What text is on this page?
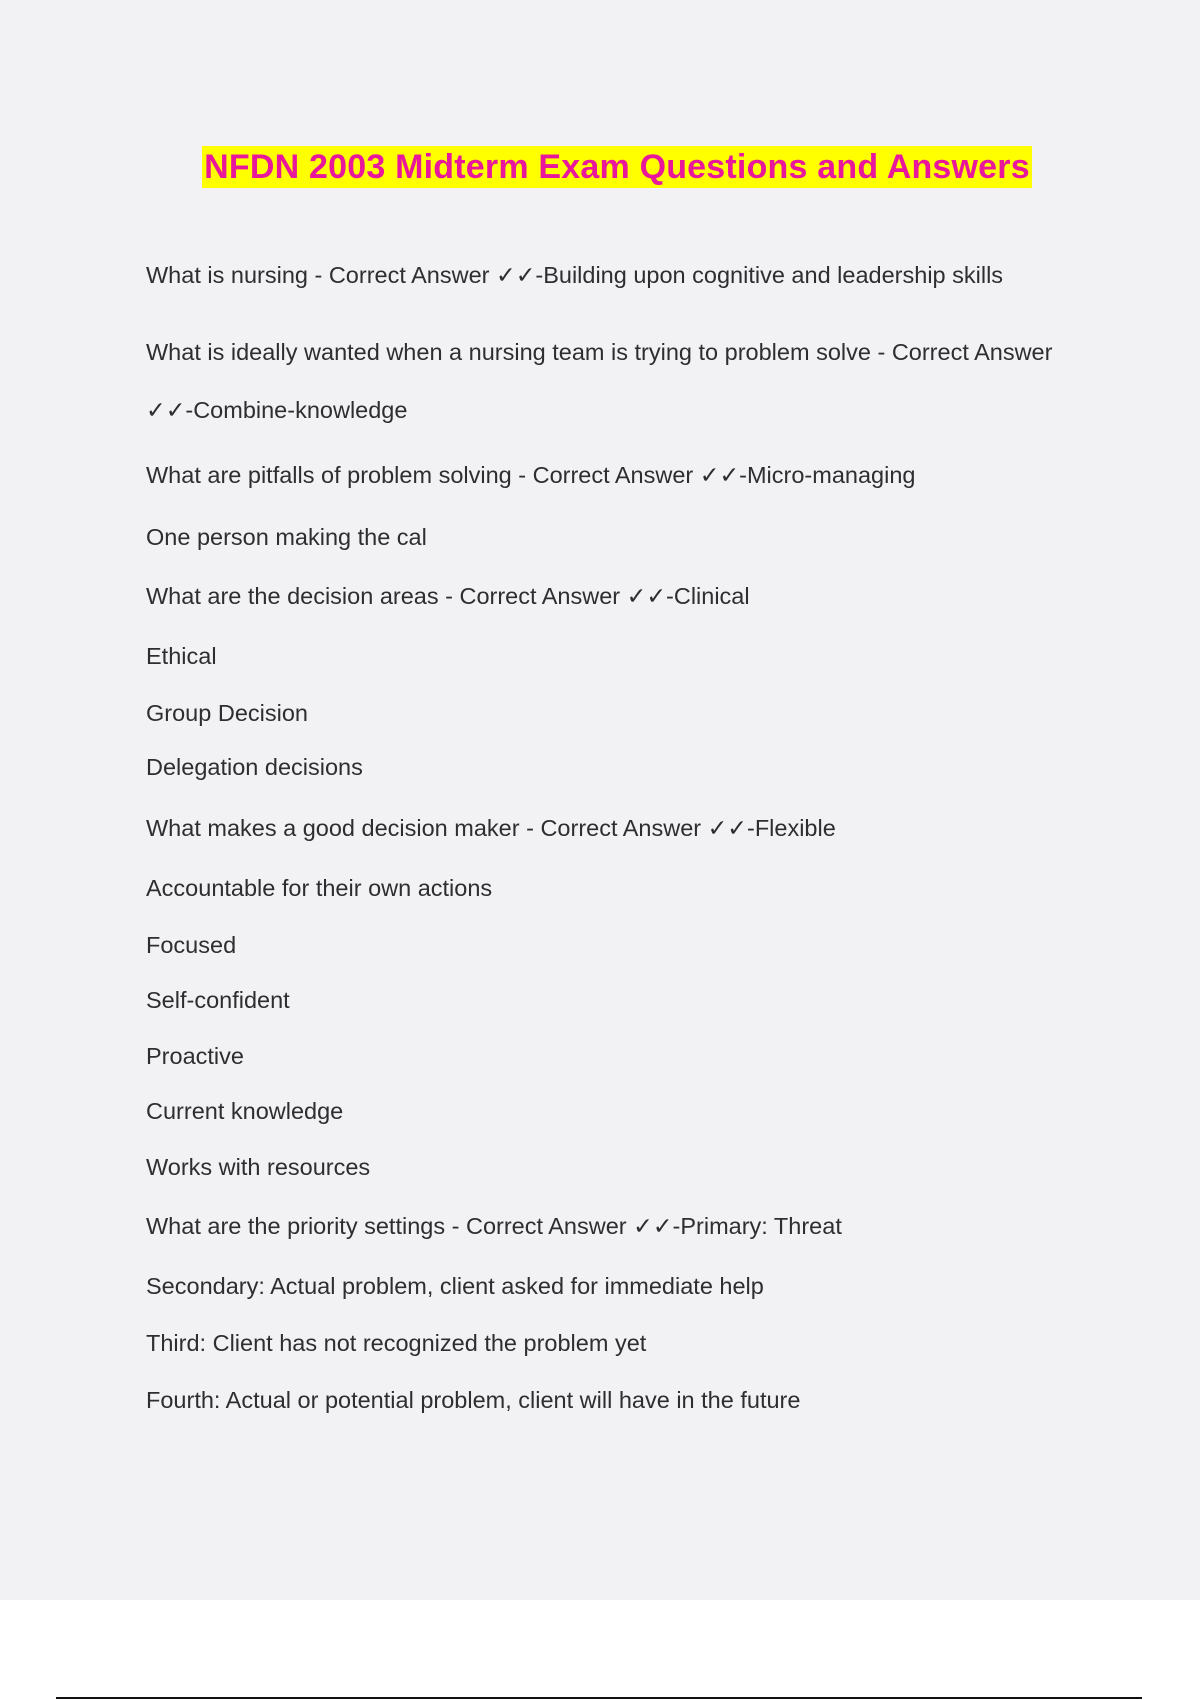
NFDN 2003 Midterm Exam Questions and Answers
What is nursing - Correct Answer ✓✓-Building upon cognitive and leadership skills
What is ideally wanted when a nursing team is trying to problem solve - Correct Answer
✓✓-Combine-knowledge
What are pitfalls of problem solving - Correct Answer ✓✓-Micro-managing
One person making the cal
What are the decision areas - Correct Answer ✓✓-Clinical
Ethical
Group Decision
Delegation decisions
What makes a good decision maker - Correct Answer ✓✓-Flexible
Accountable for their own actions
Focused
Self-confident
Proactive
Current knowledge
Works with resources
What are the priority settings - Correct Answer ✓✓-Primary: Threat
Secondary: Actual problem, client asked for immediate help
Third: Client has not recognized the problem yet
Fourth: Actual or potential problem, client will have in the future
